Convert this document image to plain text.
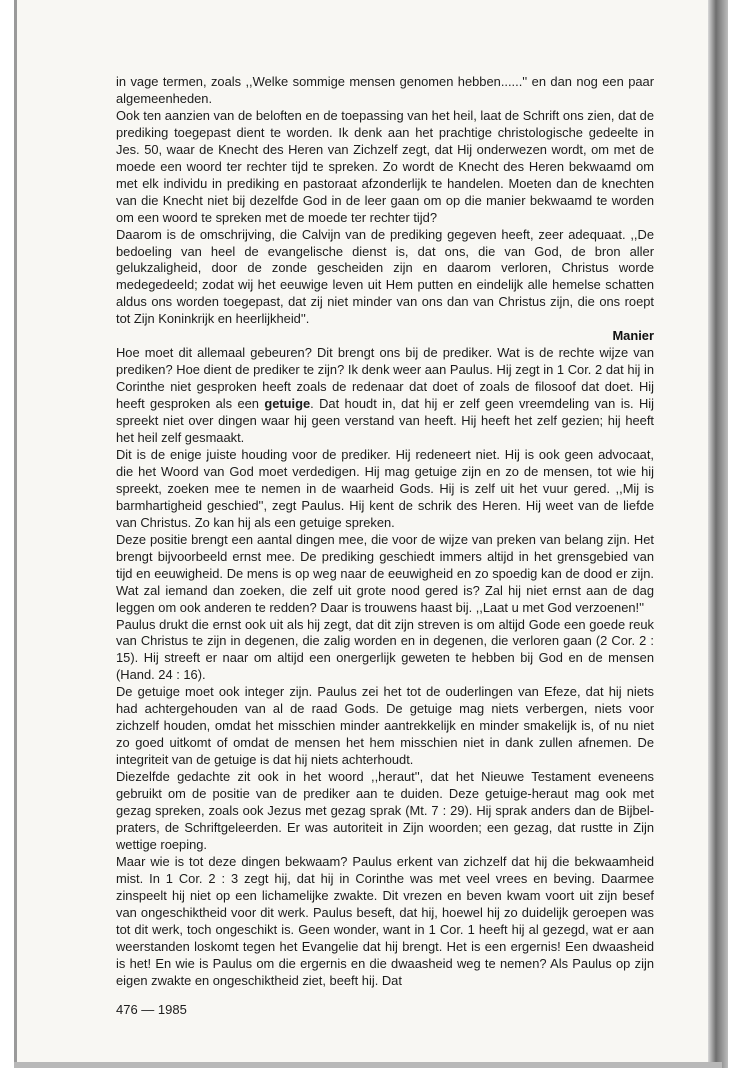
in vage termen, zoals ,,Welke sommige mensen genomen hebben......'' en dan nog een paar algemeenheden.

Ook ten aanzien van de beloften en de toepassing van het heil, laat de Schrift ons zien, dat de prediking toegepast dient te worden. Ik denk aan het prachtige christologische gedeelte in Jes. 50, waar de Knecht des Heren van Zichzelf zegt, dat Hij onderwezen wordt, om met de moede een woord ter rechter tijd te spreken. Zo wordt de Knecht des Heren bekwaamd om met elk individu in prediking en pastoraat afzonderlijk te handelen. Moeten dan de knechten van die Knecht niet bij dezelfde God in de leer gaan om op die manier bekwaamd te worden om een woord te spreken met de moede ter rechter tijd?

Daarom is de omschrijving, die Calvijn van de prediking gegeven heeft, zeer adequaat. ,,De bedoeling van heel de evangelische dienst is, dat ons, die van God, de bron aller gelukzaligheid, door de zonde gescheiden zijn en daarom verloren, Christus worde medegedeeld; zodat wij het eeuwige leven uit Hem putten en eindelijk alle hemelse schatten aldus ons worden toegepast, dat zij niet minder van ons dan van Christus zijn, die ons roept tot Zijn Koninkrijk en heerlijkheid''.

Manier

Hoe moet dit allemaal gebeuren? Dit brengt ons bij de prediker. Wat is de rechte wijze van prediken? Hoe dient de prediker te zijn? Ik denk weer aan Paulus. Hij zegt in 1 Cor. 2 dat hij in Corinthe niet gesproken heeft zoals de redenaar dat doet of zoals de filosoof dat doet. Hij heeft gesproken als een getuige. Dat houdt in, dat hij er zelf geen vreemdeling van is. Hij spreekt niet over dingen waar hij geen verstand van heeft. Hij heeft het zelf gezien; hij heeft het heil zelf gesmaakt.

Dit is de enige juiste houding voor de prediker. Hij redeneert niet. Hij is ook geen advocaat, die het Woord van God moet verdedigen. Hij mag getuige zijn en zo de mensen, tot wie hij spreekt, zoeken mee te nemen in de waarheid Gods. Hij is zelf uit het vuur gered. ,,Mij is barmhartigheid geschied'', zegt Paulus. Hij kent de schrik des Heren. Hij weet van de liefde van Christus. Zo kan hij als een getuige spreken.

Deze positie brengt een aantal dingen mee, die voor de wijze van preken van belang zijn. Het brengt bijvoorbeeld ernst mee. De prediking geschiedt immers altijd in het grensgebied van tijd en eeuwigheid. De mens is op weg naar de eeuwigheid en zo spoedig kan de dood er zijn. Wat zal iemand dan zoeken, die zelf uit grote nood gered is? Zal hij niet ernst aan de dag leggen om ook anderen te redden? Daar is trouwens haast bij. ,,Laat u met God verzoenen!''

Paulus drukt die ernst ook uit als hij zegt, dat dit zijn streven is om altijd Gode een goede reuk van Christus te zijn in degenen, die zalig worden en in degenen, die verloren gaan (2 Cor. 2 : 15). Hij streeft er naar om altijd een onergerlijk geweten te hebben bij God en de mensen (Hand. 24 : 16).

De getuige moet ook integer zijn. Paulus zei het tot de ouderlingen van Efeze, dat hij niets had achtergehouden van al de raad Gods. De getuige mag niets verbergen, niets voor zichzelf houden, omdat het misschien minder aantrekkelijk en minder smakelijk is, of nu niet zo goed uitkomt of omdat de mensen het hem misschien niet in dank zullen afnemen. De integriteit van de getuige is dat hij niets achterhoudt.

Diezelfde gedachte zit ook in het woord ,,heraut'', dat het Nieuwe Testament eveneens gebruikt om de positie van de prediker aan te duiden. Deze getuige-heraut mag ook met gezag spreken, zoals ook Jezus met gezag sprak (Mt. 7 : 29). Hij sprak anders dan de Bijbel-praters, de Schriftgeleerden. Er was autoriteit in Zijn woorden; een gezag, dat rustte in Zijn wettige roeping.

Maar wie is tot deze dingen bekwaam? Paulus erkent van zichzelf dat hij die bekwaamheid mist. In 1 Cor. 2 : 3 zegt hij, dat hij in Corinthe was met veel vrees en beving. Daarmee zinspeelt hij niet op een lichamelijke zwakte. Dit vrezen en beven kwam voort uit zijn besef van ongeschiktheid voor dit werk. Paulus beseft, dat hij, hoewel hij zo duidelijk geroepen was tot dit werk, toch ongeschikt is. Geen wonder, want in 1 Cor. 1 heeft hij al gezegd, wat er aan weerstanden loskomt tegen het Evangelie dat hij brengt. Het is een ergernis! Een dwaasheid is het! En wie is Paulus om die ergernis en die dwaasheid weg te nemen? Als Paulus op zijn eigen zwakte en ongeschiktheid ziet, beeft hij. Dat

476 — 1985
